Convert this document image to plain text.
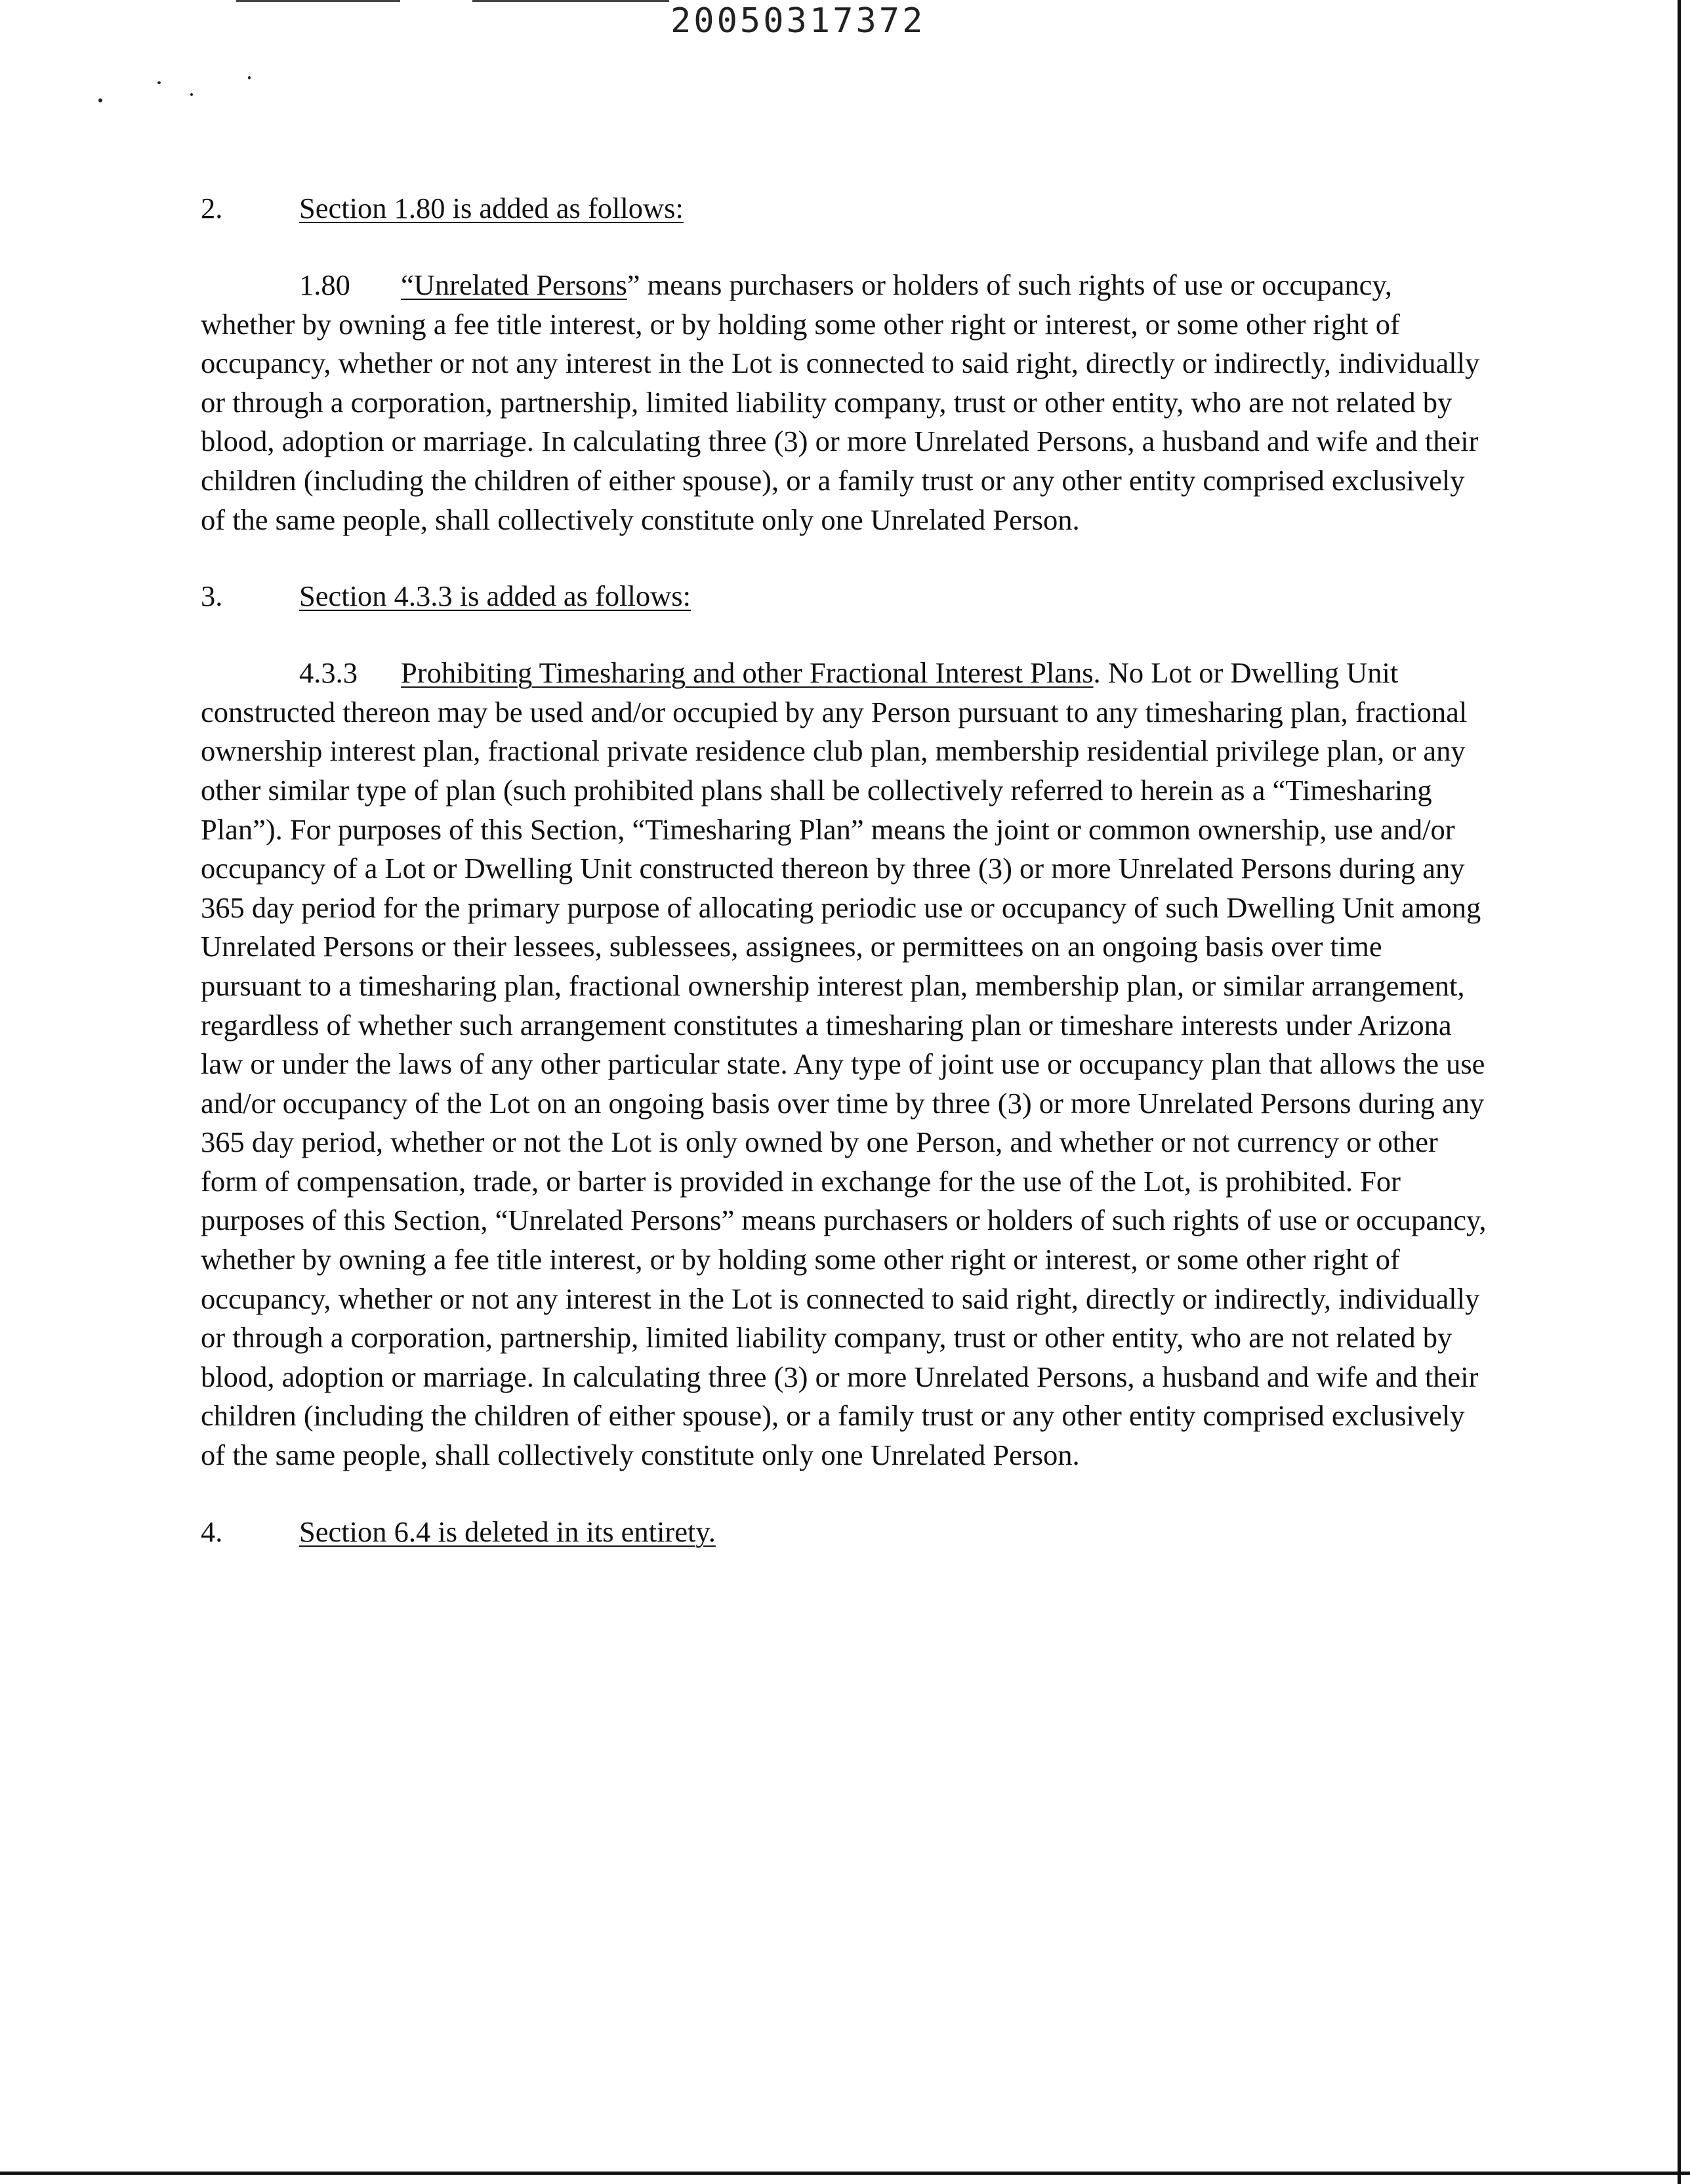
20050317372
2.	Section 1.80 is added as follows:

1.80 “Unrelated Persons” means purchasers or holders of such rights of use or occupancy, whether by owning a fee title interest, or by holding some other right or interest, or some other right of occupancy, whether or not any interest in the Lot is connected to said right, directly or indirectly, individually or through a corporation, partnership, limited liability company, trust or other entity, who are not related by blood, adoption or marriage. In calculating three (3) or more Unrelated Persons, a husband and wife and their children (including the children of either spouse), or a family trust or any other entity comprised exclusively of the same people, shall collectively constitute only one Unrelated Person.

3.	Section 4.3.3 is added as follows:

4.3.3 Prohibiting Timesharing and other Fractional Interest Plans. No Lot or Dwelling Unit constructed thereon may be used and/or occupied by any Person pursuant to any timesharing plan, fractional ownership interest plan, fractional private residence club plan, membership residential privilege plan, or any other similar type of plan (such prohibited plans shall be collectively referred to herein as a “Timesharing Plan”). For purposes of this Section, “Timesharing Plan” means the joint or common ownership, use and/or occupancy of a Lot or Dwelling Unit constructed thereon by three (3) or more Unrelated Persons during any 365 day period for the primary purpose of allocating periodic use or occupancy of such Dwelling Unit among Unrelated Persons or their lessees, sublessees, assignees, or permittees on an ongoing basis over time pursuant to a timesharing plan, fractional ownership interest plan, membership plan, or similar arrangement, regardless of whether such arrangement constitutes a timesharing plan or timeshare interests under Arizona law or under the laws of any other particular state. Any type of joint use or occupancy plan that allows the use and/or occupancy of the Lot on an ongoing basis over time by three (3) or more Unrelated Persons during any 365 day period, whether or not the Lot is only owned by one Person, and whether or not currency or other form of compensation, trade, or barter is provided in exchange for the use of the Lot, is prohibited. For purposes of this Section, “Unrelated Persons” means purchasers or holders of such rights of use or occupancy, whether by owning a fee title interest, or by holding some other right or interest, or some other right of occupancy, whether or not any interest in the Lot is connected to said right, directly or indirectly, individually or through a corporation, partnership, limited liability company, trust or other entity, who are not related by blood, adoption or marriage. In calculating three (3) or more Unrelated Persons, a husband and wife and their children (including the children of either spouse), or a family trust or any other entity comprised exclusively of the same people, shall collectively constitute only one Unrelated Person.

4.	Section 6.4 is deleted in its entirety.
